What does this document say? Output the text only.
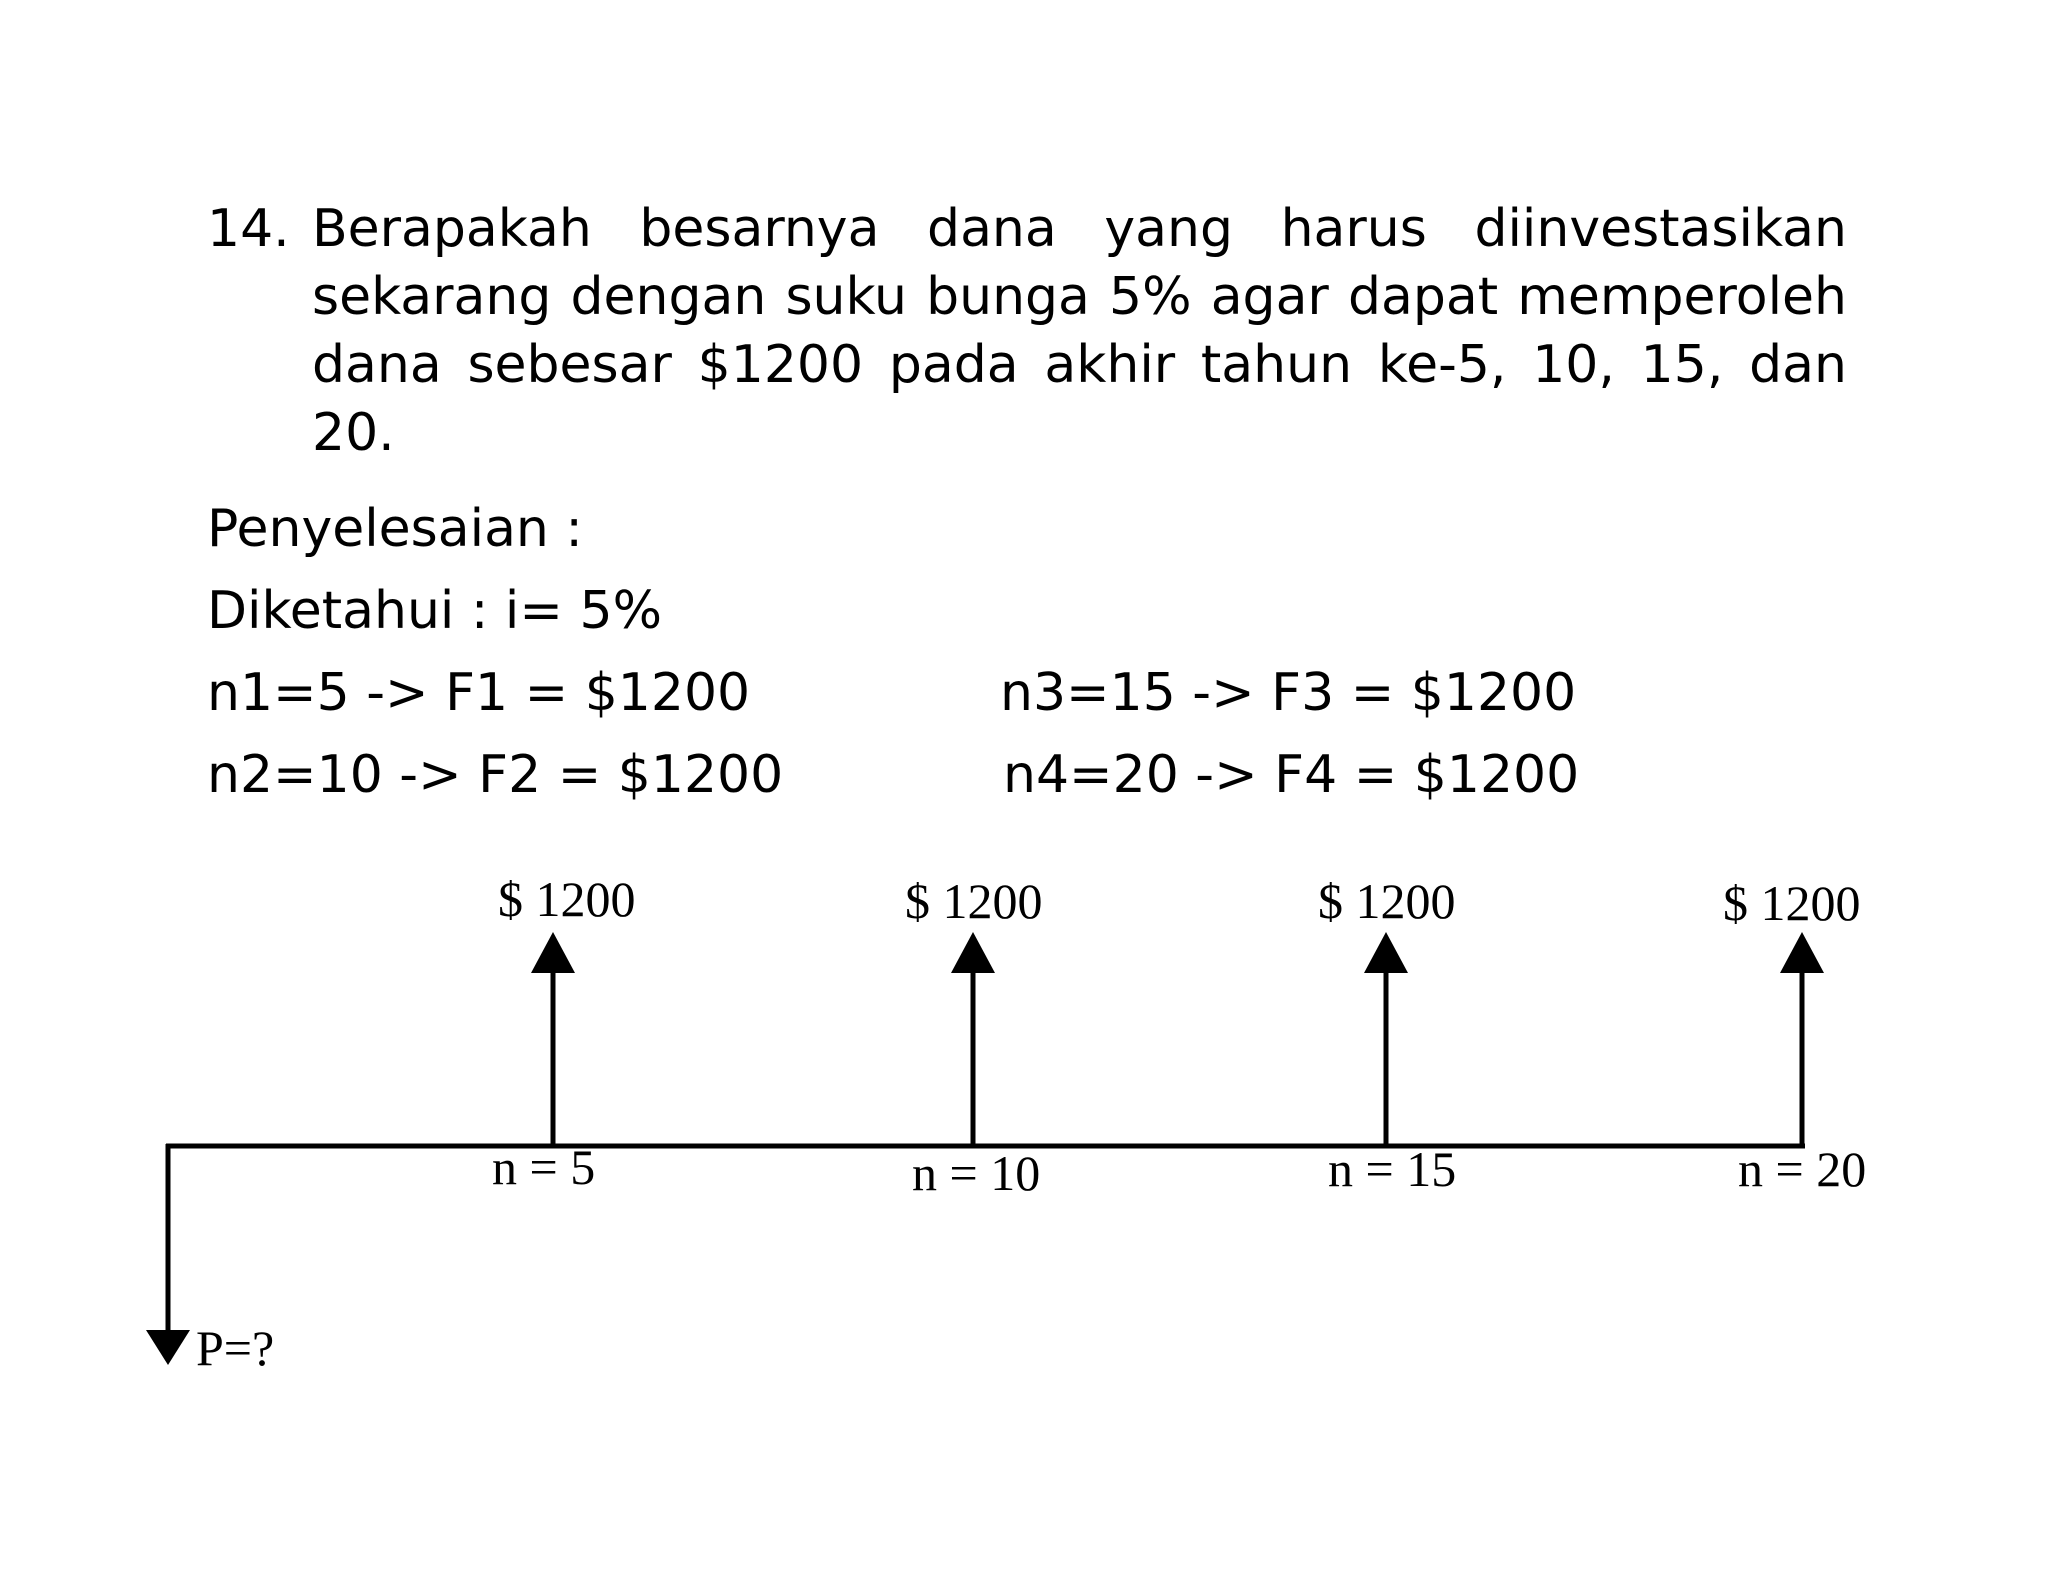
14. Berapakah besarnya dana yang harus diinvestasikan sekarang dengan suku bunga 5% agar dapat memperoleh dana sebesar $1200 pada akhir tahun ke-5, 10, 15, dan 20.
Penyelesaian :
Diketahui : i= 5%
n1=5 -> F1 = $1200	n3=15 -> F3 = $1200
n2=10 -> F2 = $1200	n4=20 -> F4 = $1200
P=?
$ 1200
n = 5
$ 1200
n = 10
$ 1200
n = 15
$ 1200
n = 20
